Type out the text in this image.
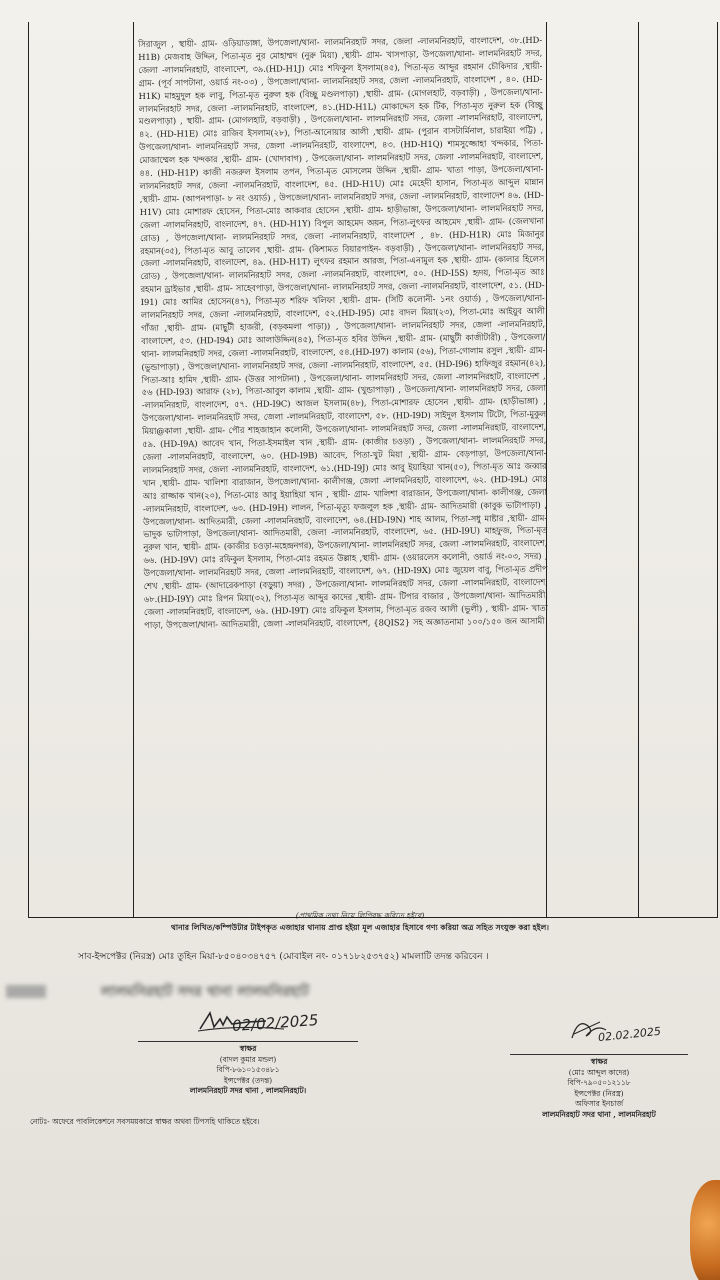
সিরাজুল , স্থায়ী- গ্রাম- ওড়িয়াডাঙ্গা, উপজেলা/থানা- লালমনিরহাট সদর, জেলা -লালমনিরহাট, বাংলাদেশ, ৩৮.(HD-H1B) মেজবাহ উদ্দিন, পিতা-মৃত নুর মোহাম্মদ (নুরু মিয়া) ,স্থায়ী- গ্রাম- খাসপাড়া, উপজেলা/থানা- লালমনিরহাট সদর, জেলা -লালমনিরহাট, বাংলাদেশ, ৩৯.(HD-H1J) মোঃ শফিকুল ইসলাম(৪৫), পিতা-মৃত আব্দুর রহমান চৌকিদার ,স্থায়ী- গ্রাম- (পূর্ব সাপটানা, ওয়ার্ড নং-০৩) , উপজেলা/থানা- লালমনিরহাট সদর, জেলা -লালমনিরহাট, বাংলাদেশ , ৪০. (HD-H1K) মাহমুদুল হক লাবু, পিতা-মৃত নুরুল হক (বিচ্ছু মণ্ডলপাড়া) ,স্থায়ী- গ্রাম- (মোগলহাট, বড়বাড়ী) , উপজেলা/থানা- লালমনিরহাট সদর, জেলা -লালমনিরহাট, বাংলাদেশ, ৪১.(HD-H1L) মোকাদ্দেস হক টিক, পিতা-মৃত নুরুল হক (বিচ্ছু মণ্ডলপাড়া) , স্থায়ী- গ্রাম- (মোগলহাট, বড়বাড়ী) , উপজেলা/থানা- লালমনিরহাট সদর, জেলা -লালমনিরহাট, বাংলাদেশ, ৪২. (HD-H1E) মোঃ রাজিব ইসলাম(২৮), পিতা-আনোয়ার আলী ,স্থায়ী- গ্রাম- (পুরান বাসটার্মিনাল, চারাইয়া পট্টি) , উপজেলা/থানা- লালমনিরহাট সদর, জেলা -লালমনিরহাট, বাংলাদেশ, ৪৩. (HD-H1Q) শামসুজ্জোহা খন্দকার, পিতা-মোজাম্মেল হক খন্দকার ,স্থায়ী- গ্রাম- (খোদাবাগ) , উপজেলা/থানা- লালমনিরহাট সদর, জেলা -লালমনিরহাট, বাংলাদেশ, ৪৪. (HD-H1P) কাজী নজরুল ইসলাম তপন, পিতা-মৃত মোসলেম উদ্দিন ,স্থায়ী- গ্রাম- খাতা পাড়া, উপজেলা/থানা- লালমনিরহাট সদর, জেলা -লালমনিরহাট, বাংলাদেশ, ৪৫. (HD-H1U) মোঃ মেহেদী হাসান, পিতা-মৃত আব্দুল মান্নান ,স্থায়ী- গ্রাম- (আপনপাড়া- ৮ নং ওয়ার্ড) , উপজেলা/থানা- লালমনিরহাট সদর, জেলা -লালমনিরহাট, বাংলাদেশ ৪৬. (HD-H1V) মোঃ মোশারফ হোসেন, পিতা-মোঃ আকবার হোসেন ,স্থায়ী- গ্রাম- হাড়ীভাঙ্গা, উপজেলা/থানা- লালমনিরহাট সদর, জেলা -লালমনিরহাট, বাংলাদেশ, ৪৭. (HD-H1Y) বিপুল আহমেদ অয়ন, পিতা-লুৎফর আহমেদ ,স্থায়ী- গ্রাম- (জেলখানা রোড) , উপজেলা/থানা- লালমনিরহাট সদর, জেলা -লালমনিরহাট, বাংলাদেশ , ৪৮. (HD-H1R) মোঃ মিজানুর রহমান(৩৫), পিতা-মৃত আবু তালেব ,স্থায়ী- গ্রাম- (কিশামত বিয়ারপাইন- বড়বাড়ী) , উপজেলা/থানা- লালমনিরহাট সদর, জেলা -লালমনিরহাট, বাংলাদেশ, ৪৯. (HD-H1T) লুৎফর রহমান আরজ, পিতা-এনামুল হক ,স্থায়ী- গ্রাম- (কালার হিলেস রোড) , উপজেলা/থানা- লালমনিরহাট সদর, জেলা -লালমনিরহাট, বাংলাদেশ, ৫০. (HD-I5S) হৃদয়, পিতা-মৃত আঃ রহমান ড্রাইভার ,স্থায়ী- গ্রাম- সাহেবপাড়া, উপজেলা/থানা- লালমনিরহাট সদর, জেলা -লালমনিরহাট, বাংলাদেশ, ৫১. (HD-I91) মোঃ আমির হোসেন(৪৭), পিতা-মৃত শরিফ খলিফা ,স্থায়ী- গ্রাম- (সিটি কলোনী- ১নং ওয়ার্ড) , উপজেলা/থানা- লালমনিরহাট সদর, জেলা -লালমনিরহাট, বাংলাদেশ, ৫২.(HD-I95) মোঃ বাদল মিয়া(২৩), পিতা-মোঃ আইয়ুব আলী গাঁজা ,স্থায়ী- গ্রাম- (মাছুটী হাজরী, (বড়কমলা পাড়া)) , উপজেলা/থানা- লালমনিরহাট সদর, জেলা -লালমনিরহাট, বাংলাদেশ, ৫৩. (HD-I94) মোঃ আলাউদ্দিন(৪৫), পিতা-মৃত হবির উদ্দিন ,স্থায়ী- গ্রাম- (মাছুটী কাজীটারী) , উপজেলা/থানা- লালমনিরহাট সদর, জেলা -লালমনিরহাট, বাংলাদেশ, ৫৪.(HD-I97) কালাম (৫৬), পিতা-গোলাম রসুল ,স্থায়ী- গ্রাম- (ভুন্ডাপাড়া) , উপজেলা/থানা- লালমনিরহাট সদর, জেলা -লালমনিরহাট, বাংলাদেশ, ৫৫. (HD-I96) হাফিজুর রহমান(৪২), পিতা-আঃ হামিদ ,স্থায়ী- গ্রাম- (উত্তর সাপটানা) , উপজেলা/থানা- লালমনিরহাট সদর, জেলা -লালমনিরহাট, বাংলাদেশ , ৫৬ (HD-I93) আরাফ (২৮), পিতা-আবুল কালাম ,স্থায়ী- গ্রাম- (খুন্ডাপাড়া) , উপজেলা/থানা- লালমনিরহাট সদর, জেলা -লালমনিরহাট, বাংলাদেশ, ৫৭. (HD-I9C) আজল ইসলাম(৪৮), পিতা-মোশারফ হোসেন ,স্থায়ী- গ্রাম- (হাড়ীভাঙ্গা) , উপজেলা/থানা- লালমনিরহাট সদর, জেলা -লালমনিরহাট, বাংলাদেশ, ৫৮. (HD-I9D) সাইদুল ইসলাম টিটো, পিতা-মুকুল মিয়া@কালা ,স্থায়ী- গ্রাম- পৌর শাহজাহান কলোনী, উপজেলা/থানা- লালমনিরহাট সদর, জেলা -লালমনিরহাট, বাংলাদেশ, ৫৯. (HD-I9A) আবেদ খান, পিতা-ইসমাইল খান ,স্থায়ী- গ্রাম- (কাজীর চওড়া) , উপজেলা/থানা- লালমনিরহাট সদর, জেলা -লালমনিরহাট, বাংলাদেশ, ৬০. (HD-I9B) আবেদ, পিতা-খুট মিয়া ,স্থায়ী- গ্রাম- বেড়পাড়া, উপজেলা/থানা- লালমনিরহাট সদর, জেলা -লালমনিরহাট, বাংলাদেশ, ৬১.(HD-I9J) মোঃ আবু ইয়াহিয়া খান(৫০), পিতা-মৃত আঃ জব্বার খান ,স্থায়ী- গ্রাম- খালিশা বারাজান, উপজেলা/থানা- কালীগঞ্জ, জেলা -লালমনিরহাট, বাংলাদেশ, ৬২. (HD-I9L) মোঃ আঃ রাজ্জাক খান(২০), পিতা-মোঃ আবু ইয়াহিয়া খান , স্থায়ী- গ্রাম- খালিশা বারাজান, উপজেলা/থানা- কালীগঞ্জ, জেলা -লালমনিরহাট, বাংলাদেশ, ৬৩. (HD-I9H) লালন, পিতা-মৃত্যু ফজলুল হক ,স্থায়ী- গ্রাম- আদিতমারী (কাবুক ভাটাপাড়া) , উপজেলা/থানা- আদিতমারী, জেলা -লালমনিরহাট, বাংলাদেশ, ৬৪.(HD-I9N) শাহ আলম, পিতা-সধু মাষ্টার ,স্থায়ী- গ্রাম- ভাদুক ভাটাপাড়া, উপজেলা/থানা- আদিতমারী, জেলা -লালমনিরহাট, বাংলাদেশ, ৬৫. (HD-I9U) মাহফুজ, পিতা-মৃত নুরুল খান, স্থায়ী- গ্রাম- (কাজীর চওড়া-মহেন্দ্রনগর), উপজেলা/থানা- লালমনিরহাট সদর, জেলা -লালমনিরহাট, বাংলাদেশ, ৬৬. (HD-I9V) মোঃ রফিকুল ইসলাম, পিতা-মোঃ রহমত উল্লাহ ,স্থায়ী- গ্রাম- (ওয়ারলেস কলোনী, ওয়ার্ড নং-০৩, সদর) , উপজেলা/থানা- লালমনিরহাট সদর, জেলা -লালমনিরহাট, বাংলাদেশ, ৬৭. (HD-I9X) মোঃ জুয়েল বাবু, পিতা-মৃত প্রদীপ শেখ ,স্থায়ী- গ্রাম- (আদারেকপাড়া (বড়ুয়া) সদর) , উপজেলা/থানা- লালমনিরহাট সদর, জেলা -লালমনিরহাট, বাংলাদেশ, ৬৮.(HD-I9Y) মোঃ রিপন মিয়া(৩২), পিতা-মৃত আব্দুর কাদের ,স্থায়ী- গ্রাম- টিপার বাজার , উপজেলা/থানা- আদিতমারী, জেলা -লালমনিরহাট, বাংলাদেশ, ৬৯. (HD-I9T) মোঃ রফিকুল ইসলাম, পিতা-মৃত রজব আলী (ভুলী) , স্থায়ী- গ্রাম- খাতা পাড়া, উপজেলা/থানা- আদিতমারী, জেলা -লালমনিরহাট, বাংলাদেশ, {8QIS2} সহ অজ্ঞাতনামা ১০০/১৫০ জন আসামী।
(প্রাথমিক তথ্য নিয়ে লিপিবদ্ধ করিতে হইবে)
থানার লিখিত/কম্পিউটার টাইপকৃত এজাহার থানায় প্রাপ্ত হইয়া মূল এজাহার হিসাবে গণ্য করিয়া অত্র সহিত সংযুক্ত করা হইল।
সাব-ইন্সপেক্টর (নিরস্ত্র) মোঃ তুহিন মিয়া-৮৫০৪০৩৪৭৫৭ (মোবাইল নং- ০১৭১৮২৫৩৭৫২) মামলাটি তদন্ত করিবেন ।
লালমনিরহাট সদর থানা লালমনিরহাট
02/02/2025
স্বাক্ষর
(বাদল কুমার মন্ডল)
বিপি-৮৬১০১৫৩৪৮১
ইন্সপেক্টর (তদন্ত)
লালমনিরহাট সদর থানা , লালমনিরহাট।
02.02.2025
স্বাক্ষর
(মোঃ আব্দুল কাদের)
বিপি-৭৯০৫০১২১১৮
ইন্সপেক্টর (নিরস্ত্র)
অফিসার ইনচার্জ
লালমনিরহাট সদর থানা , লালমনিরহাট
নোটঃ- অফেরে পাবলিকেশনে সবসময়কারে স্বাক্ষর অথবা টিপসহি থাকিতে হইবে।
